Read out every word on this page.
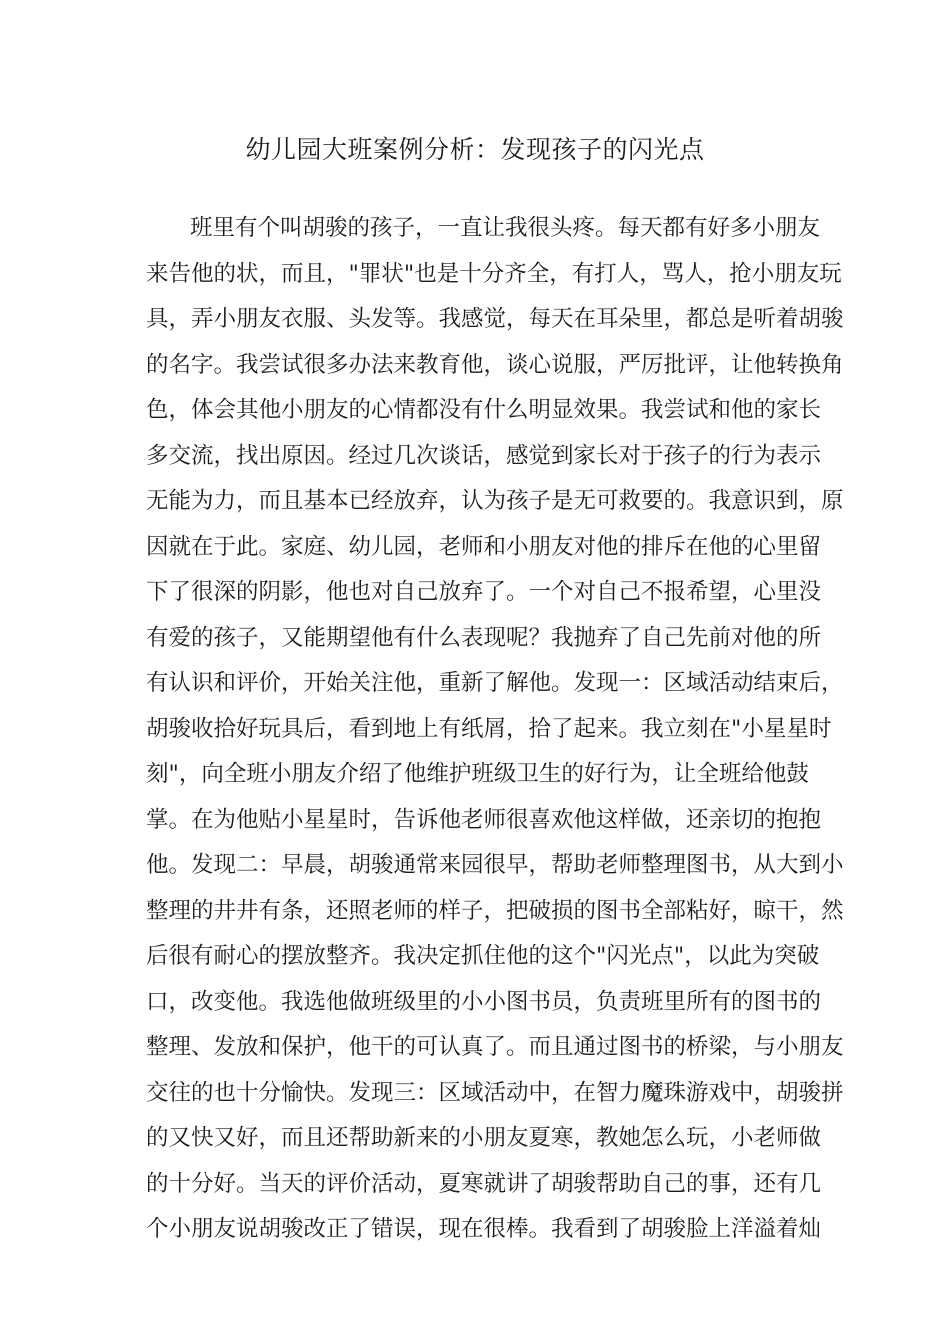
幼儿园大班案例分析：发现孩子的闪光点
班里有个叫胡骏的孩子，一直让我很头疼。每天都有好多小朋友
来告他的状，而且，"罪状"也是十分齐全，有打人，骂人，抢小朋友玩
具，弄小朋友衣服、头发等。我感觉，每天在耳朵里，都总是听着胡骏
的名字。我尝试很多办法来教育他，谈心说服，严厉批评，让他转换角
色，体会其他小朋友的心情都没有什么明显效果。我尝试和他的家长
多交流，找出原因。经过几次谈话，感觉到家长对于孩子的行为表示
无能为力，而且基本已经放弃，认为孩子是无可救要的。我意识到，原
因就在于此。家庭、幼儿园，老师和小朋友对他的排斥在他的心里留
下了很深的阴影，他也对自己放弃了。一个对自己不报希望，心里没
有爱的孩子，又能期望他有什么表现呢？我抛弃了自己先前对他的所
有认识和评价，开始关注他，重新了解他。发现一：区域活动结束后，
胡骏收拾好玩具后，看到地上有纸屑，拾了起来。我立刻在"小星星时
刻"，向全班小朋友介绍了他维护班级卫生的好行为，让全班给他鼓
掌。在为他贴小星星时，告诉他老师很喜欢他这样做，还亲切的抱抱
他。发现二：早晨，胡骏通常来园很早，帮助老师整理图书，从大到小
整理的井井有条，还照老师的样子，把破损的图书全部粘好，晾干，然
后很有耐心的摆放整齐。我决定抓住他的这个"闪光点"，以此为突破
口，改变他。我选他做班级里的小小图书员，负责班里所有的图书的
整理、发放和保护，他干的可认真了。而且通过图书的桥梁，与小朋友
交往的也十分愉快。发现三：区域活动中，在智力魔珠游戏中，胡骏拼
的又快又好，而且还帮助新来的小朋友夏寒，教她怎么玩，小老师做
的十分好。当天的评价活动，夏寒就讲了胡骏帮助自己的事，还有几
个小朋友说胡骏改正了错误，现在很棒。我看到了胡骏脸上洋溢着灿
